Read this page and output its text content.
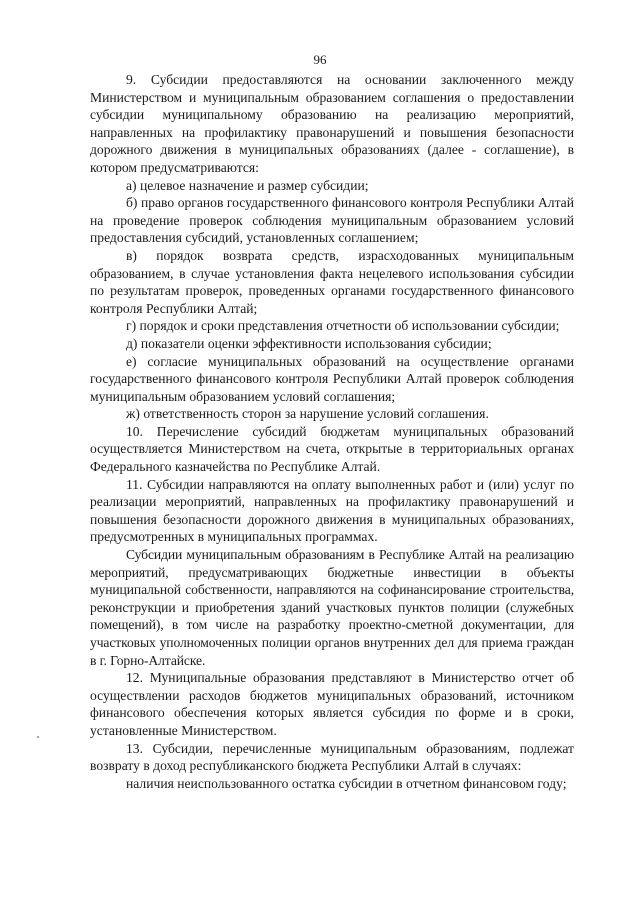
96

9. Субсидии предоставляются на основании заключенного между Министерством и муниципальным образованием соглашения о предоставлении субсидии муниципальному образованию на реализацию мероприятий, направленных на профилактику правонарушений и повышения безопасности дорожного движения в муниципальных образованиях (далее - соглашение), в котором предусматриваются:

а) целевое назначение и размер субсидии;

б) право органов государственного финансового контроля Республики Алтай на проведение проверок соблюдения муниципальным образованием условий предоставления субсидий, установленных соглашением;

в) порядок возврата средств, израсходованных муниципальным образованием, в случае установления факта нецелевого использования субсидии по результатам проверок, проведенных органами государственного финансового контроля Республики Алтай;

г) порядок и сроки представления отчетности об использовании субсидии;

д) показатели оценки эффективности использования субсидии;

е) согласие муниципальных образований на осуществление органами государственного финансового контроля Республики Алтай проверок соблюдения муниципальным образованием условий соглашения;

ж) ответственность сторон за нарушение условий соглашения.

10. Перечисление субсидий бюджетам муниципальных образований осуществляется Министерством на счета, открытые в территориальных органах Федерального казначейства по Республике Алтай.

11. Субсидии направляются на оплату выполненных работ и (или) услуг по реализации мероприятий, направленных на профилактику правонарушений и повышения безопасности дорожного движения в муниципальных образованиях, предусмотренных в муниципальных программах.

Субсидии муниципальным образованиям в Республике Алтай на реализацию мероприятий, предусматривающих бюджетные инвестиции в объекты муниципальной собственности, направляются на софинансирование строительства, реконструкции и приобретения зданий участковых пунктов полиции (служебных помещений), в том числе на разработку проектно-сметной документации, для участковых уполномоченных полиции органов внутренних дел для приема граждан в г. Горно-Алтайске.

12. Муниципальные образования представляют в Министерство отчет об осуществлении расходов бюджетов муниципальных образований, источником финансового обеспечения которых является субсидия по форме и в сроки, установленные Министерством.

13. Субсидии, перечисленные муниципальным образованиям, подлежат возврату в доход республиканского бюджета Республики Алтай в случаях:

наличия неиспользованного остатка субсидии в отчетном финансовом году;
